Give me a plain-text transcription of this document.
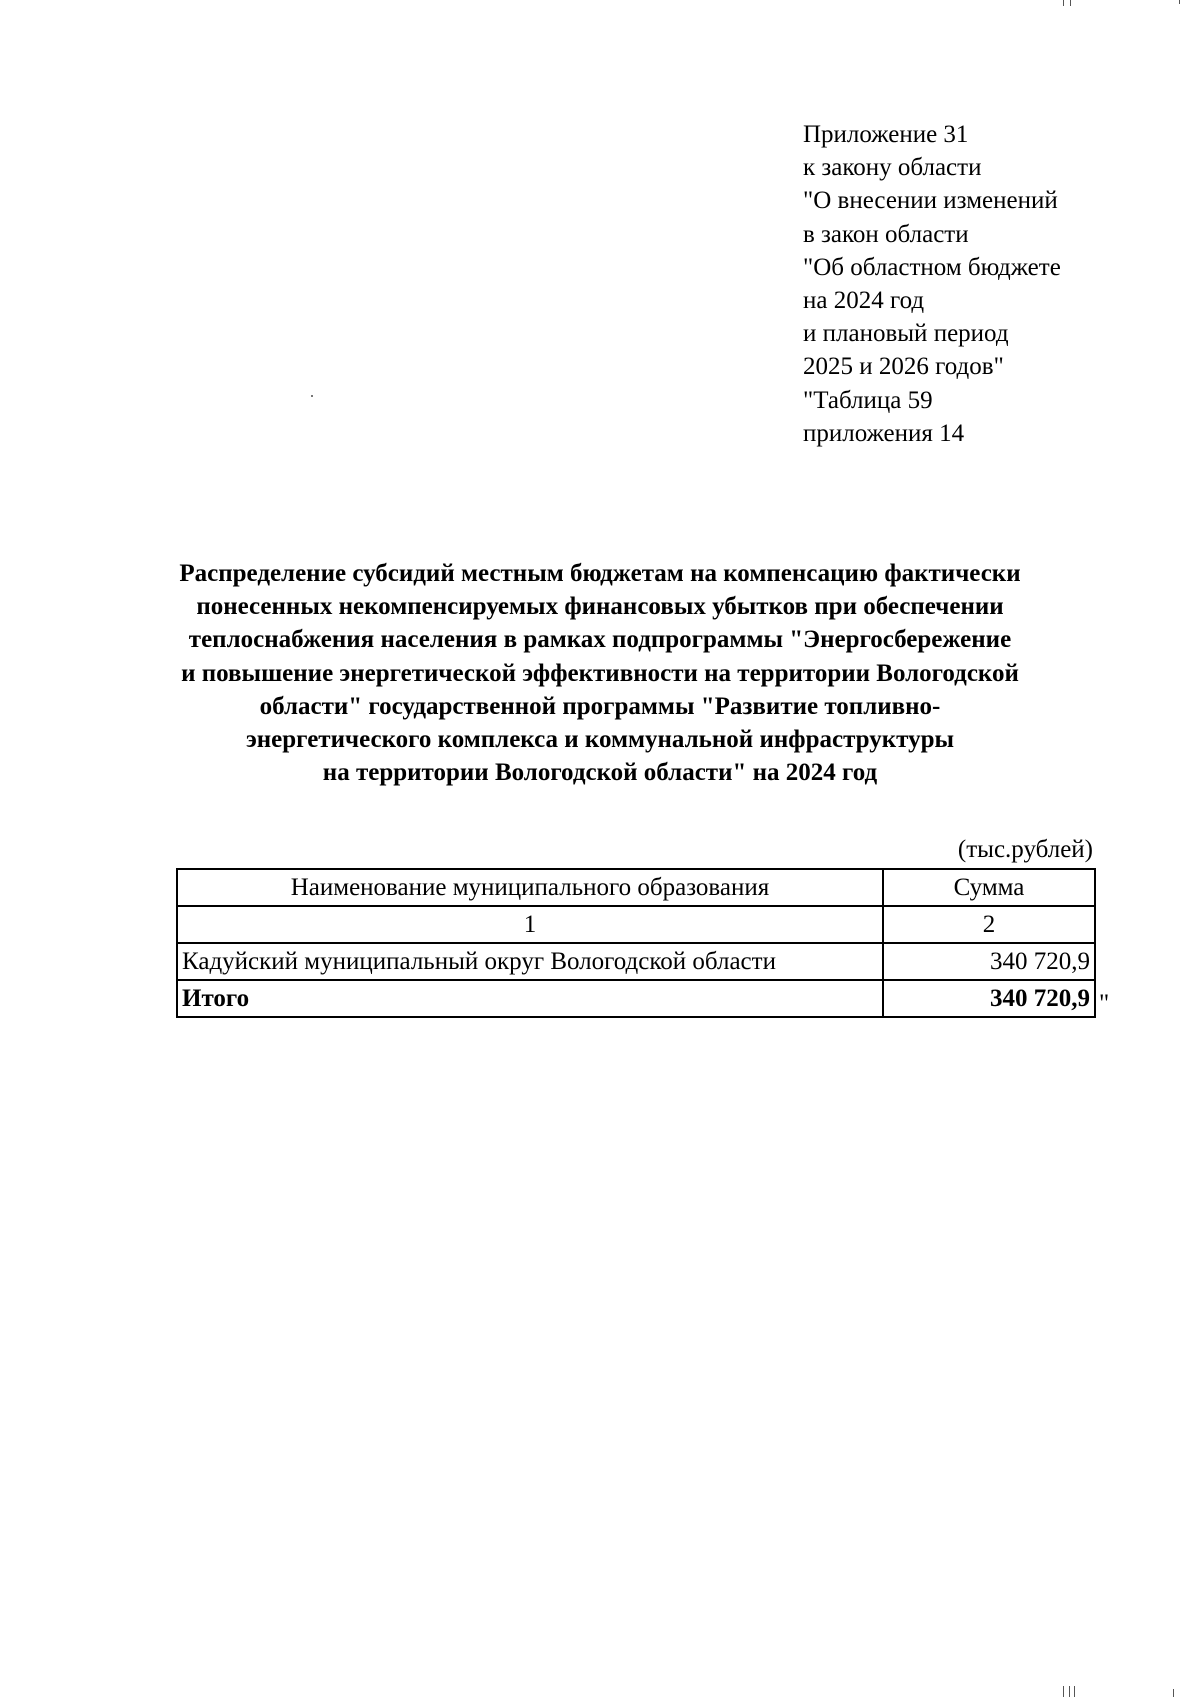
Приложение 31
к закону области
"О внесении изменений
в закон области
"Об областном бюджете
на 2024 год
и плановый период
2025 и 2026 годов"
"Таблица 59
приложения 14
Распределение субсидий местным бюджетам на компенсацию фактически
понесенных некомпенсируемых финансовых убытков при обеспечении
теплоснабжения населения в рамках подпрограммы "Энергосбережение
и повышение энергетической эффективности на территории Вологодской
области" государственной программы "Развитие топливно-
энергетического комплекса и коммунальной инфраструктуры
на территории Вологодской области" на 2024 год
(тыс.рублей)
Наименование муниципального образования	Сумма
1	2
Кадуйский муниципальный округ Вологодской области	340 720,9
Итого	340 720,9 "
